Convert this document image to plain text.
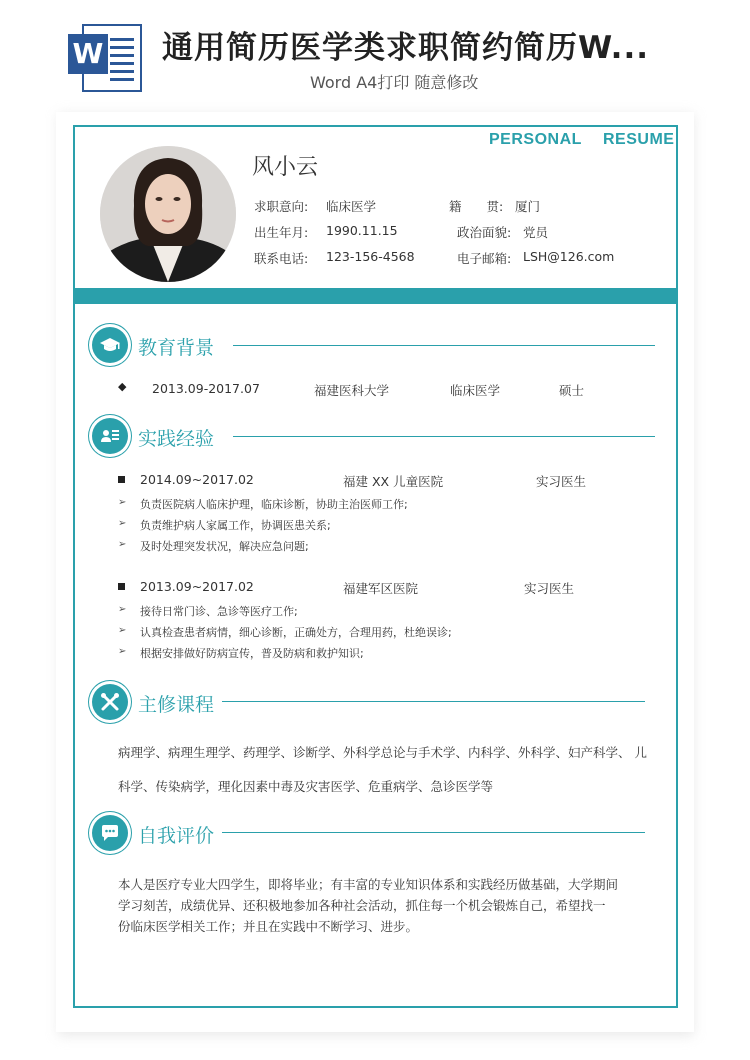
W 通用简历医学类求职简约简历W...
Word A4打印 随意修改
PERSONAL RESUME
风小云
求职意向: 临床医学	籍　　贯: 厦门
出生年月: 1990.11.15	政治面貌: 党员
联系电话: 123-156-4568	电子邮箱: LSH@126.com
教育背景
◆ 2013.09-2017.07	福建医科大学	临床医学	硕士
实践经验
2014.09~2017.02	福建 XX 儿童医院	实习医生
➢ 负责医院病人临床护理，临床诊断，协助主治医师工作;
➢ 负责维护病人家属工作，协调医患关系;
➢ 及时处理突发状况，解决应急问题;
2013.09~2017.02	福建军区医院	实习医生
➢ 接待日常门诊、急诊等医疗工作;
➢ 认真检查患者病情，细心诊断，正确处方，合理用药，杜绝误诊;
➢ 根据安排做好防病宣传，普及防病和救护知识;
主修课程
病理学、病理生理学、药理学、诊断学、外科学总论与手术学、内科学、外科学、妇产科学、 儿
科学、传染病学，理化因素中毒及灾害医学、危重病学、急诊医学等
自我评价
本人是医疗专业大四学生，即将毕业；有丰富的专业知识体系和实践经历做基础，大学期间
学习刻苦，成绩优异、还积极地参加各种社会活动，抓住每一个机会锻炼自己，希望找一
份临床医学相关工作；并且在实践中不断学习、进步。
